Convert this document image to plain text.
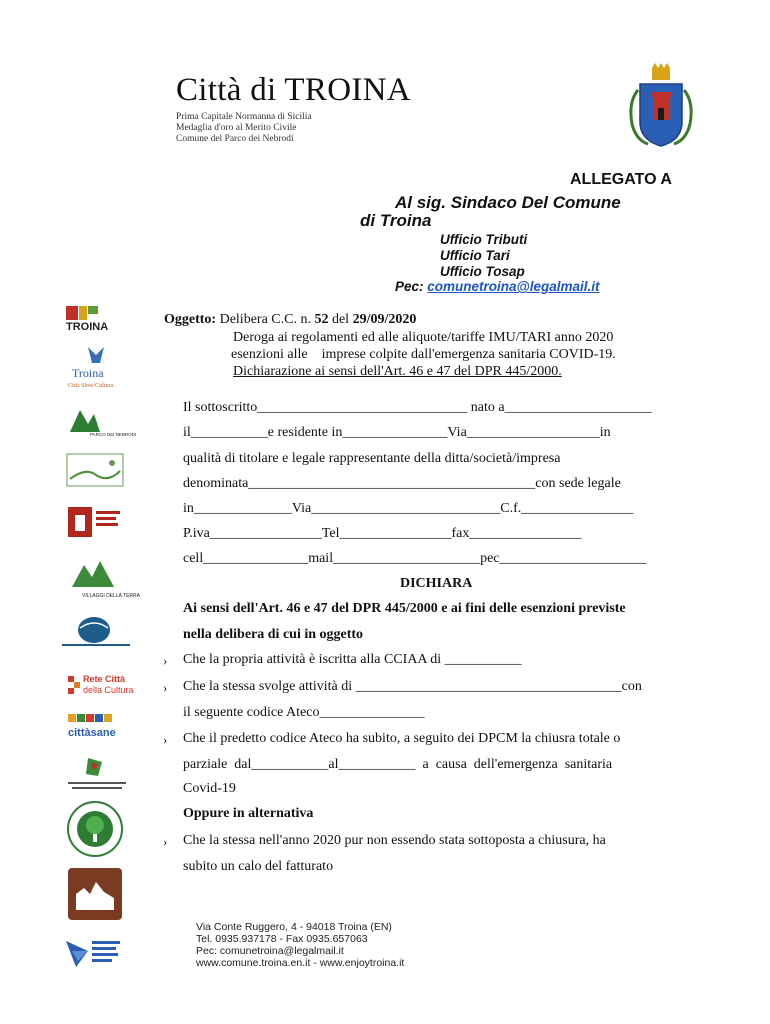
Città di TROINA
Prima Capitale Normanna di Sicilia
Medaglia d'oro al Merito Civile
Comune del Parco dei Nebrodi
ALLEGATO A
Al sig. Sindaco Del Comune
di Troina
Ufficio Tributi
Ufficio Tari
Ufficio Tosap
Pec: comunetroina@legalmail.it
Oggetto: Delibera C.C. n. 52 del 29/09/2020
Deroga ai regolamenti ed alle aliquote/tariffe IMU/TARI anno 2020
esenzioni alle    imprese colpite dall'emergenza sanitaria COVID-19.
Dichiarazione ai sensi dell'Art. 46 e 47 del DPR 445/2000.
Il sottoscritto______________________________ nato a_____________________
il___________e residente in_______________Via___________________in
qualità di titolare e legale rappresentante della ditta/società/impresa
denominata_________________________________________con sede legale
in______________Via___________________________C.f.________________
P.iva________________Tel________________fax________________
cell_______________mail_____________________pec_____________________
DICHIARA
Ai sensi dell'Art. 46 e 47 del DPR 445/2000 e ai fini delle esenzioni previste
nella delibera di cui in oggetto
› Che la propria attività è iscritta alla CCIAA di ___________
› Che la stessa svolge attività di ______________________________________con
il seguente codice Ateco_______________
› Che il predetto codice Ateco ha subito, a seguito dei DPCM la chiusra totale o
parziale  dal___________al___________  a  causa  dell'emergenza  sanitaria
Covid-19
Oppure in alternativa
› Che la stessa nell'anno 2020 pur non essendo stata sottoposta a chiusura, ha
subito un calo del fatturato
TROINA
Troina
Città Slow/Cultura
PARCO DEI NEBRODI
VILLAGGI DELLA TERRA
Rete Città
della Cultura
cittàsane
Via Conte Ruggero, 4 - 94018 Troina (EN)
Tel. 0935.937178 - Fax 0935.657063
Pec: comunetroina@legalmail.it
www.comune.troina.en.it - www.enjoytroina.it
